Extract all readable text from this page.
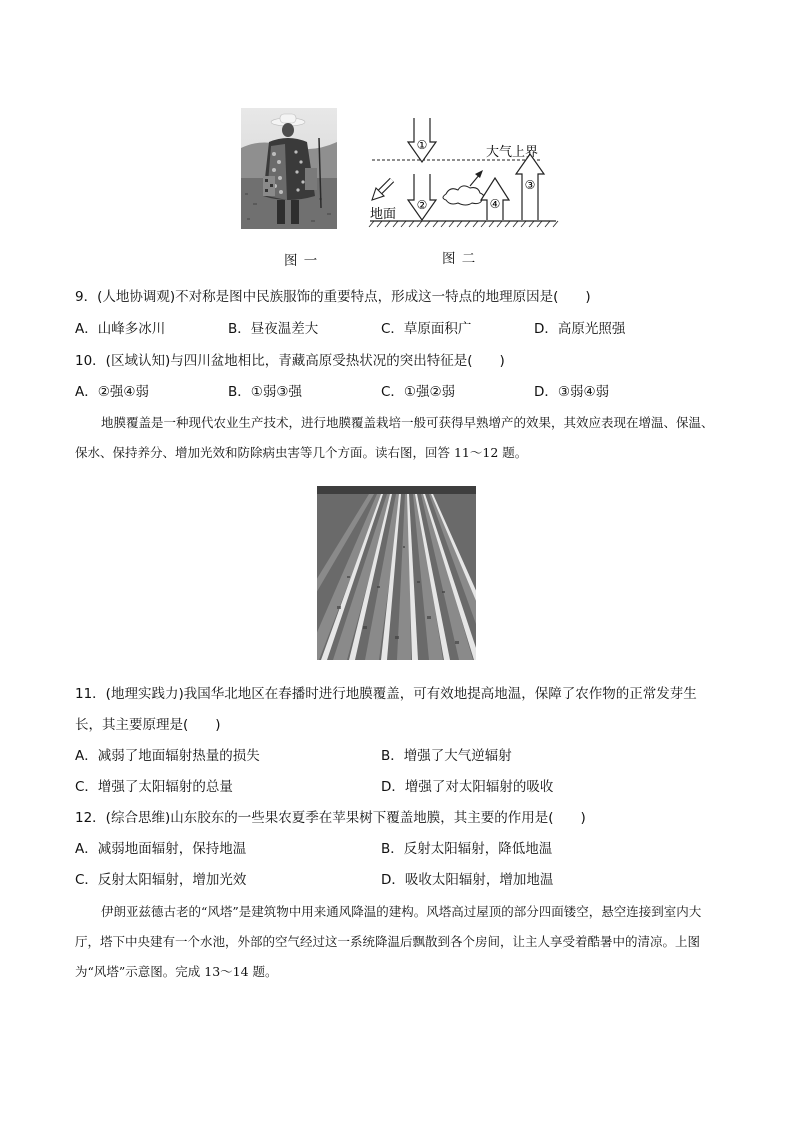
①
②	④
③
大气上界
地面
图 一	图 二
9．(人地协调观)不对称是图中民族服饰的重要特点，形成这一特点的地理原因是(　　)
A．山峰多冰川	B．昼夜温差大	C．草原面积广	D．高原光照强
10．(区域认知)与四川盆地相比，青藏高原受热状况的突出特征是(　　)
A．②强④弱	B．①弱③强	C．①强②弱	D．③弱④弱
地膜覆盖是一种现代农业生产技术，进行地膜覆盖栽培一般可获得早熟增产的效果，其效应表现在增温、保温、保水、保持养分、增加光效和防除病虫害等几个方面。读右图，回答 11～12 题。
11．(地理实践力)我国华北地区在春播时进行地膜覆盖，可有效地提高地温，保障了农作物的正常发芽生
长，其主要原理是(　　)
A．减弱了地面辐射热量的损失	B．增强了大气逆辐射
C．增强了太阳辐射的总量	D．增强了对太阳辐射的吸收
12．(综合思维)山东胶东的一些果农夏季在苹果树下覆盖地膜，其主要的作用是(　　)
A．减弱地面辐射，保持地温	B．反射太阳辐射，降低地温
C．反射太阳辐射，增加光效	D．吸收太阳辐射，增加地温
伊朗亚兹德古老的“风塔”是建筑物中用来通风降温的建构。风塔高过屋顶的部分四面镂空，悬空连接到室内大厅，塔下中央建有一个水池，外部的空气经过这一系统降温后飘散到各个房间，让主人享受着酷暑中的清凉。上图为“风塔”示意图。完成 13～14 题。
